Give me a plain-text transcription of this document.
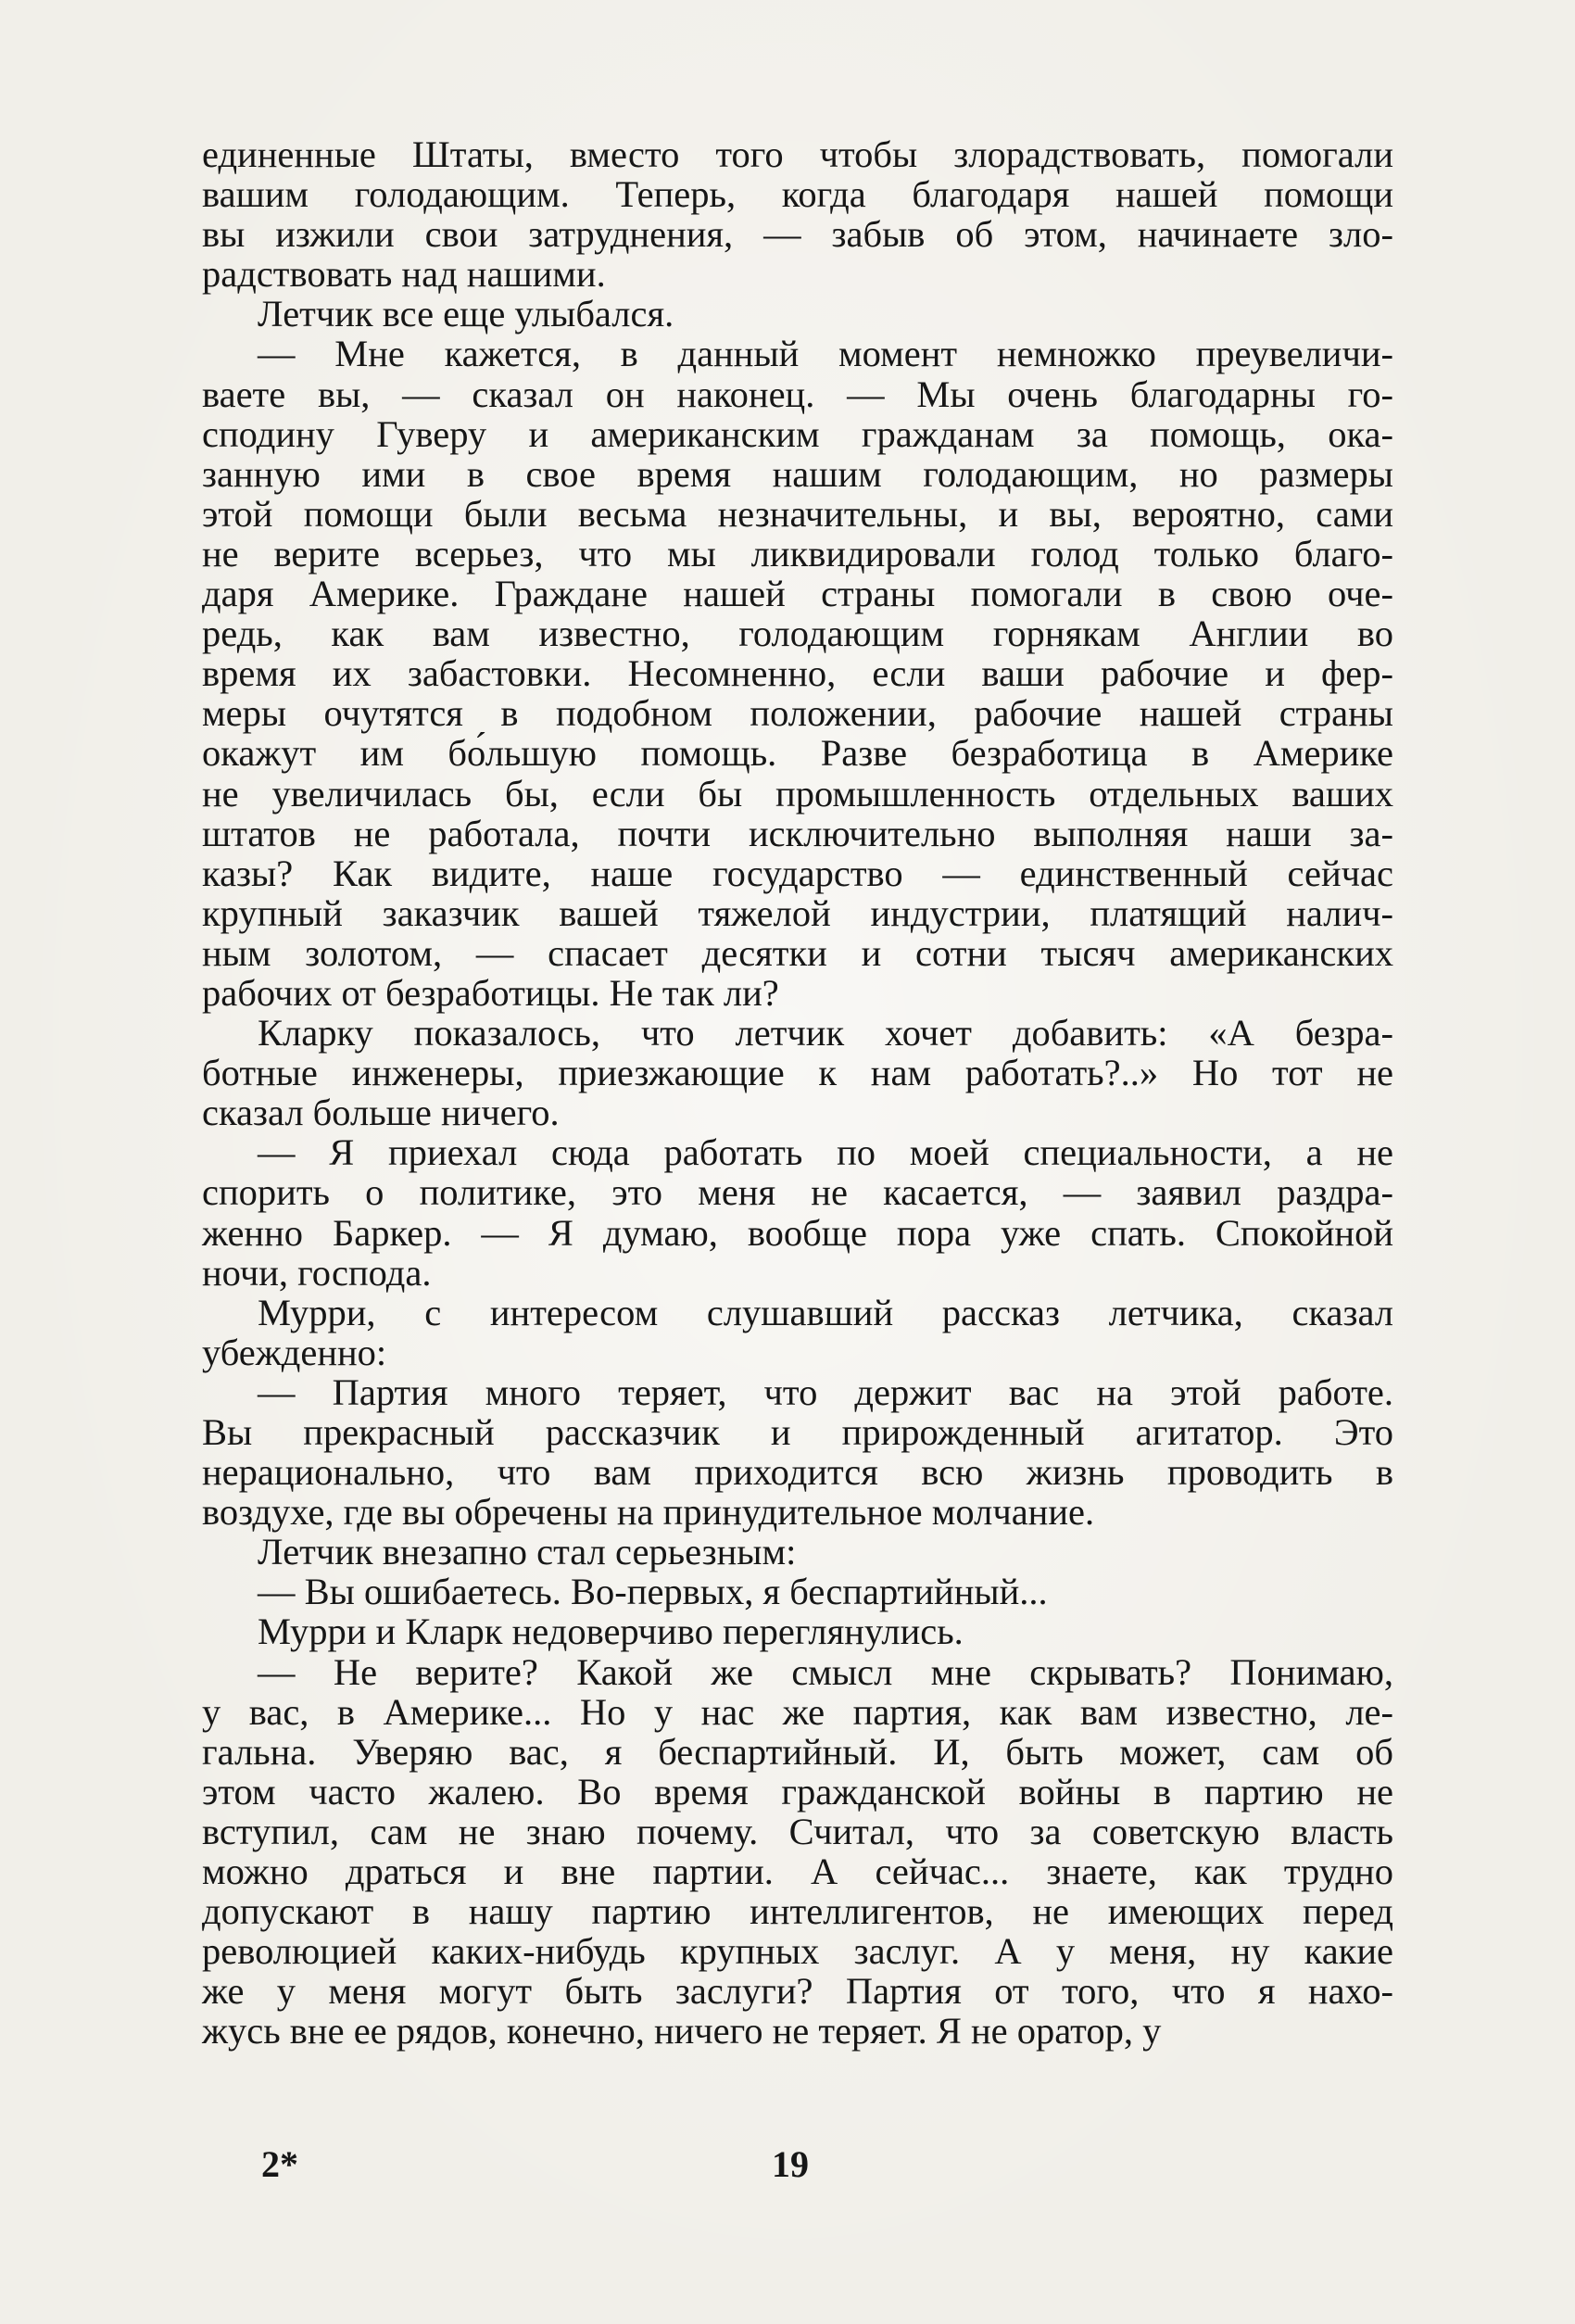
единенные Штаты, вместо того чтобы злорадствовать, помогали
вашим голодающим. Теперь, когда благодаря нашей помощи
вы изжили свои затруднения, — забыв об этом, начинаете зло-
радствовать над нашими.
Летчик все еще улыбался.
— Мне кажется, в данный момент немножко преувеличи-
ваете вы, — сказал он наконец. — Мы очень благодарны го-
сподину Гуверу и американским гражданам за помощь, ока-
занную ими в свое время нашим голодающим, но размеры
этой помощи были весьма незначительны, и вы, вероятно, сами
не верите всерьез, что мы ликвидировали голод только благо-
даря Америке. Граждане нашей страны помогали в свою оче-
редь, как вам известно, голодающим горнякам Англии во
время их забастовки. Несомненно, если ваши рабочие и фер-
меры очутятся в подобном положении, рабочие нашей страны
окажут им бо́льшую помощь. Разве безработица в Америке
не увеличилась бы, если бы промышленность отдельных ваших
штатов не работала, почти исключительно выполняя наши за-
казы? Как видите, наше государство — единственный сейчас
крупный заказчик вашей тяжелой индустрии, платящий налич-
ным золотом, — спасает десятки и сотни тысяч американских
рабочих от безработицы. Не так ли?
Кларку показалось, что летчик хочет добавить: «А безра-
ботные инженеры, приезжающие к нам работать?..» Но тот не
сказал больше ничего.
— Я приехал сюда работать по моей специальности, а не
спорить о политике, это меня не касается, — заявил раздра-
женно Баркер. — Я думаю, вообще пора уже спать. Спокойной
ночи, господа.
Мурри, с интересом слушавший рассказ летчика, сказал
убежденно:
— Партия много теряет, что держит вас на этой работе.
Вы прекрасный рассказчик и прирожденный агитатор. Это
нерационально, что вам приходится всю жизнь проводить в
воздухе, где вы обречены на принудительное молчание.
Летчик внезапно стал серьезным:
— Вы ошибаетесь. Во-первых, я беспартийный...
Мурри и Кларк недоверчиво переглянулись.
— Не верите? Какой же смысл мне скрывать? Понимаю,
у вас, в Америке... Но у нас же партия, как вам известно, ле-
гальна. Уверяю вас, я беспартийный. И, быть может, сам об
этом часто жалею. Во время гражданской войны в партию не
вступил, сам не знаю почему. Считал, что за советскую власть
можно драться и вне партии. А сейчас... знаете, как трудно
допускают в нашу партию интеллигентов, не имеющих перед
революцией каких-нибудь крупных заслуг. А у меня, ну какие
же у меня могут быть заслуги? Партия от того, что я нахо-
жусь вне ее рядов, конечно, ничего не теряет. Я не оратор, у
2*	19
